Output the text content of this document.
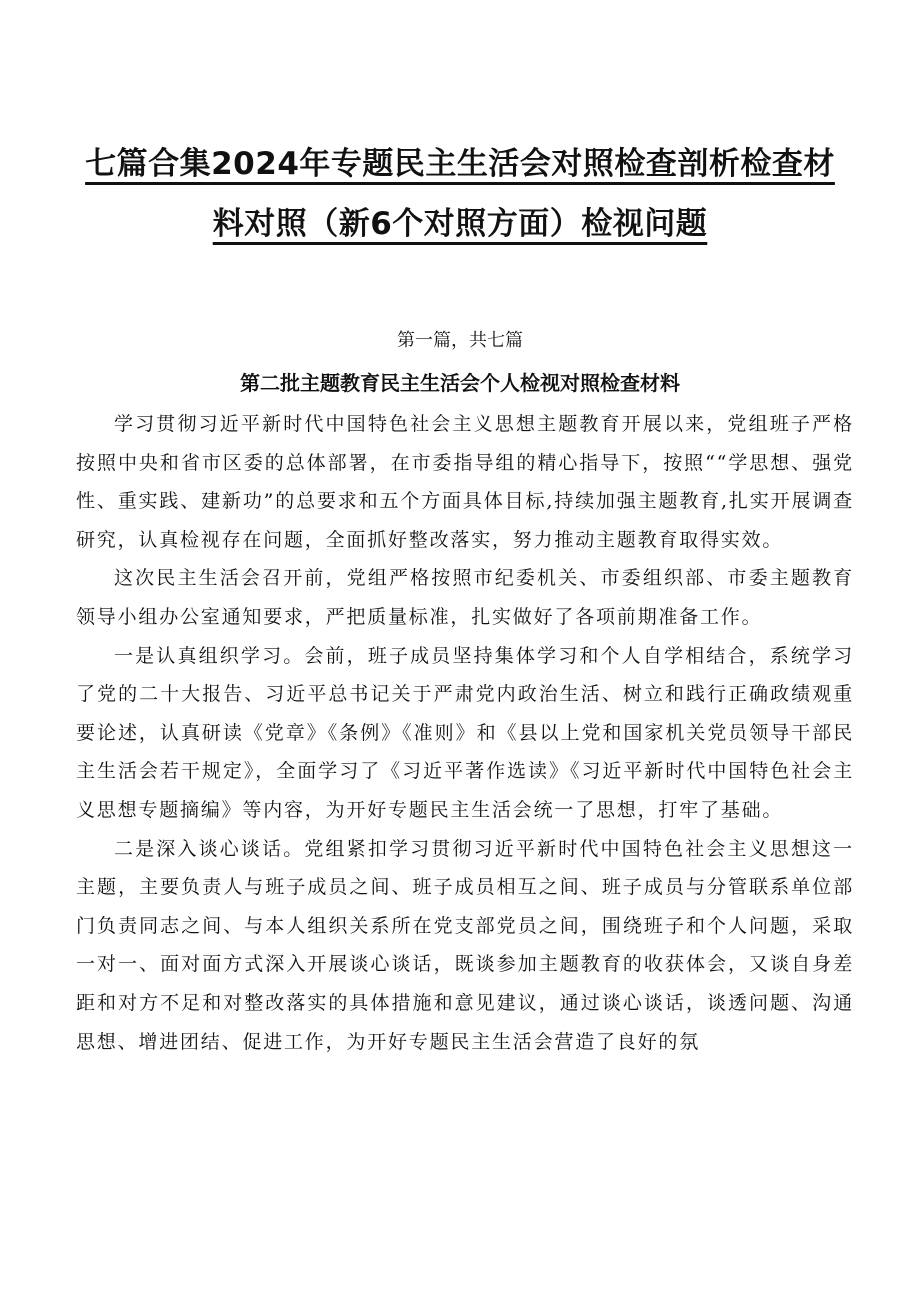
七篇合集2024年专题民主生活会对照检查剖析检查材
料对照（新6个对照方面）检视问题

第一篇，共七篇

第二批主题教育民主生活会个人检视对照检查材料

学习贯彻习近平新时代中国特色社会主义思想主题教育开展以来，党组班子严格按照中央和省市区委的总体部署，在市委指导组的精心指导下，按照““学思想、强党性、重实践、建新功”的总要求和五个方面具体目标,持续加强主题教育,扎实开展调查研究，认真检视存在问题，全面抓好整改落实，努力推动主题教育取得实效。

这次民主生活会召开前，党组严格按照市纪委机关、市委组织部、市委主题教育领导小组办公室通知要求，严把质量标准，扎实做好了各项前期准备工作。

一是认真组织学习。会前，班子成员坚持集体学习和个人自学相结合，系统学习了党的二十大报告、习近平总书记关于严肃党内政治生活、树立和践行正确政绩观重要论述，认真研读《党章》《条例》《准则》和《县以上党和国家机关党员领导干部民主生活会若干规定》，全面学习了《习近平著作选读》《习近平新时代中国特色社会主义思想专题摘编》等内容，为开好专题民主生活会统一了思想，打牢了基础。

二是深入谈心谈话。党组紧扣学习贯彻习近平新时代中国特色社会主义思想这一主题，主要负责人与班子成员之间、班子成员相互之间、班子成员与分管联系单位部门负责同志之间、与本人组织关系所在党支部党员之间，围绕班子和个人问题，采取一对一、面对面方式深入开展谈心谈话，既谈参加主题教育的收获体会，又谈自身差距和对方不足和对整改落实的具体措施和意见建议，通过谈心谈话，谈透问题、沟通思想、增进团结、促进工作，为开好专题民主生活会营造了良好的氛
